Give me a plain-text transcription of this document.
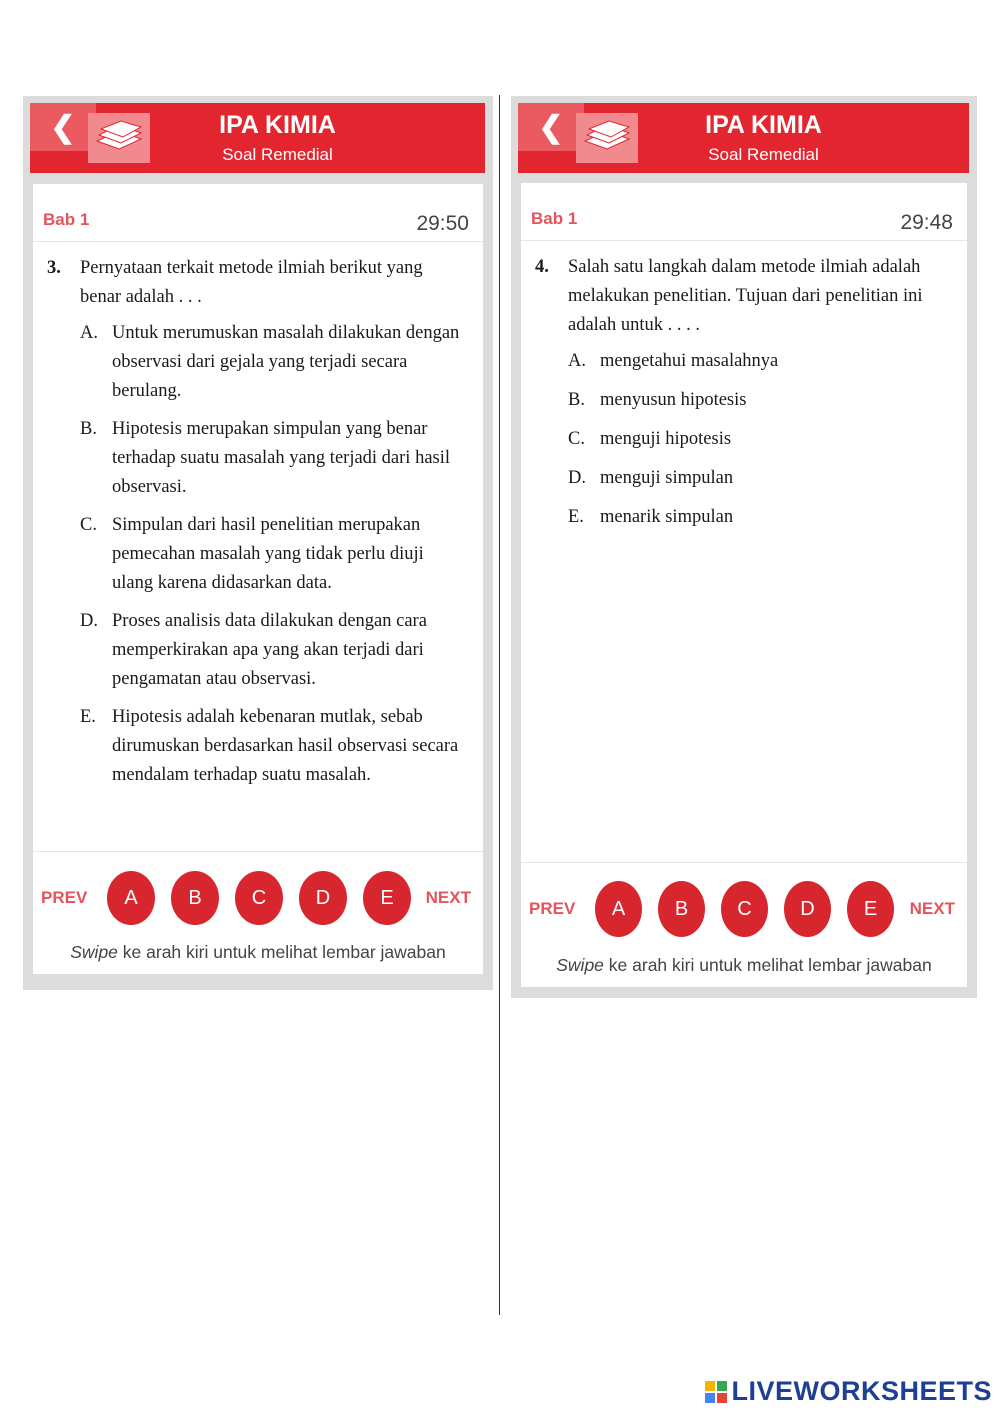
❮	IPA KIMIA
Soal Remedial
Bab 1	29:50
3.	Pernyataan terkait metode ilmiah berikut yang benar adalah . . .
A. Untuk merumuskan masalah dilakukan dengan observasi dari gejala yang terjadi secara berulang.
B. Hipotesis merupakan simpulan yang benar terhadap suatu masalah yang terjadi dari hasil observasi.
C. Simpulan dari hasil penelitian merupakan pemecahan masalah yang tidak perlu diuji ulang karena didasarkan data.
D. Proses analisis data dilakukan dengan cara memperkirakan apa yang akan terjadi dari pengamatan atau observasi.
E. Hipotesis adalah kebenaran mutlak, sebab dirumuskan berdasarkan hasil observasi secara mendalam terhadap suatu masalah.
PREV	A	B	C	D	E	NEXT
Swipe ke arah kiri untuk melihat lembar jawaban
❮	IPA KIMIA
Soal Remedial
Bab 1	29:48
4.	Salah satu langkah dalam metode ilmiah adalah melakukan penelitian. Tujuan dari penelitian ini adalah untuk . . . .
A. mengetahui masalahnya
B. menyusun hipotesis
C. menguji hipotesis
D. menguji simpulan
E. menarik simpulan
PREV	A	B	C	D	E	NEXT
Swipe ke arah kiri untuk melihat lembar jawaban
LIVEWORKSHEETS
